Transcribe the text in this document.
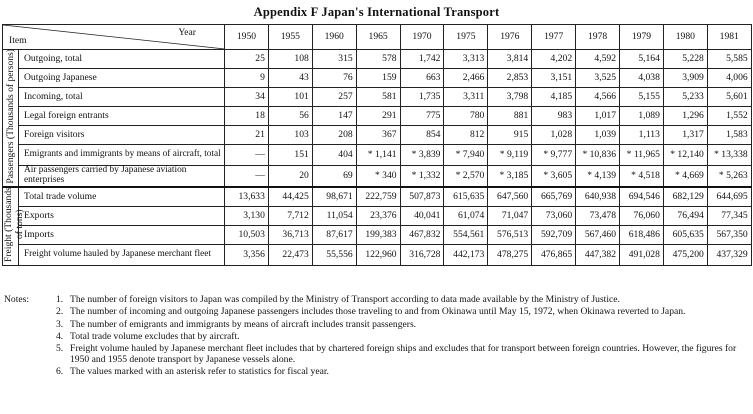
Appendix F Japan's International Transport
Year
Item		1950	1955	1960	1965	1970	1975	1976	1977	1978	1979	1980	1981
Passengers (Thousands of persons)	Outgoing, total	25	108	315	578	1,742	3,313	3,814	4,202	4,592	5,164	5,228	5,585
	Outgoing Japanese	9	43	76	159	663	2,466	2,853	3,151	3,525	4,038	3,909	4,006
	Incoming, total	34	101	257	581	1,735	3,311	3,798	4,185	4,566	5,155	5,233	5,601
	Legal foreign entrants	18	56	147	291	775	780	881	983	1,017	1,089	1,296	1,552
	Foreign visitors	21	103	208	367	854	812	915	1,028	1,039	1,113	1,317	1,583
	Emigrants and immigrants by means of aircraft, total	—	151	404	* 1,141	* 3,839	* 7,940	* 9,119	* 9,777	* 10,836	* 11,965	* 12,140	* 13,338
	Air passengers carried by Japanese aviation enterprises	—	20	69	* 340	* 1,332	* 2,570	* 3,185	* 3,605	* 4,139	* 4,518	* 4,669	* 5,263
Freight (Thousands of tons)	Total trade volume	13,633	44,425	98,671	222,759	507,873	615,635	647,560	665,769	640,938	694,546	682,129	644,695
	Exports	3,130	7,712	11,054	23,376	40,041	61,074	71,047	73,060	73,478	76,060	76,494	77,345
	Imports	10,503	36,713	87,617	199,383	467,832	554,561	576,513	592,709	567,460	618,486	605,635	567,350
	Freight volume hauled by Japanese merchant fleet	3,356	22,473	55,556	122,960	316,728	442,173	478,275	476,865	447,382	491,028	475,200	437,329
Notes:	1. The number of foreign visitors to Japan was compiled by the Ministry of Transport according to data made available by the Ministry of Justice.
2. The number of incoming and outgoing Japanese passengers includes those traveling to and from Okinawa until May 15, 1972, when Okinawa reverted to Japan.
3. The number of emigrants and immigrants by means of aircraft includes transit passengers.
4. Total trade volume excludes that by aircraft.
5. Freight volume hauled by Japanese merchant fleet includes that by chartered foreign ships and excludes that for transport between foreign countries. However, the figures for 1950 and 1955 denote transport by Japanese vessels alone.
6. The values marked with an asterisk refer to statistics for fiscal year.
